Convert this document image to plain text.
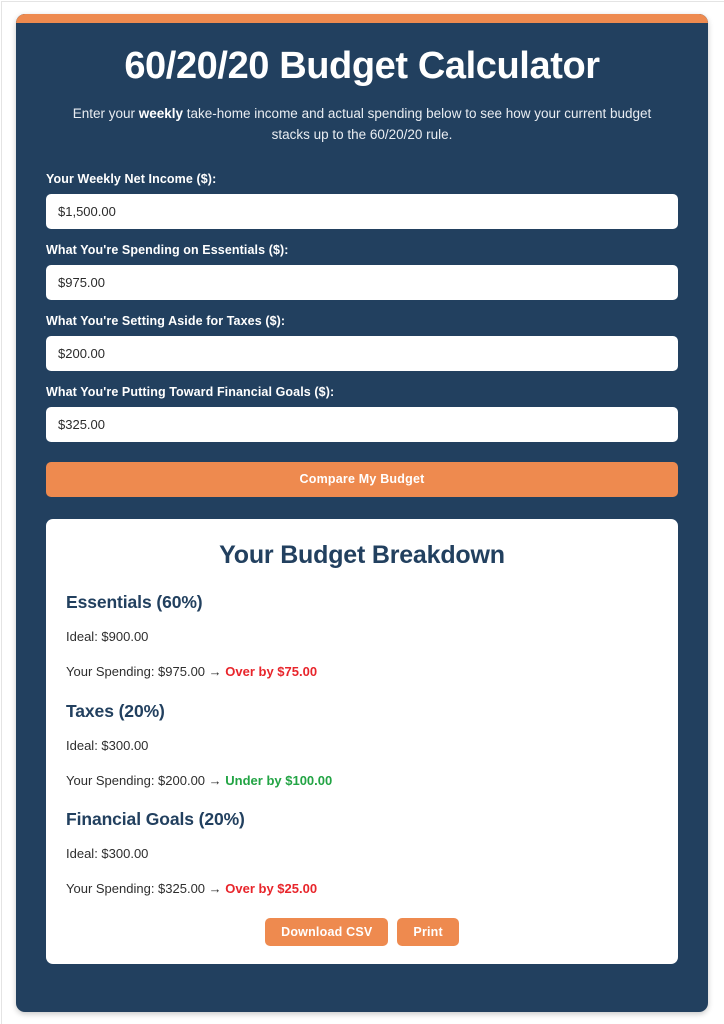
60/20/20 Budget Calculator

Enter your weekly take-home income and actual spending below to see how your current budget stacks up to the 60/20/20 rule.

Your Weekly Net Income ($):
$1,500.00
What You're Spending on Essentials ($):
$975.00
What You're Setting Aside for Taxes ($):
$200.00
What You're Putting Toward Financial Goals ($):
$325.00
Compare My Budget
Your Budget Breakdown
Essentials (60%)

Ideal: $900.00

Your Spending: $975.00 → Over by $75.00

Taxes (20%)

Ideal: $300.00

Your Spending: $200.00 → Under by $100.00

Financial Goals (20%)

Ideal: $300.00

Your Spending: $325.00 → Over by $25.00

Download CSV	Print
